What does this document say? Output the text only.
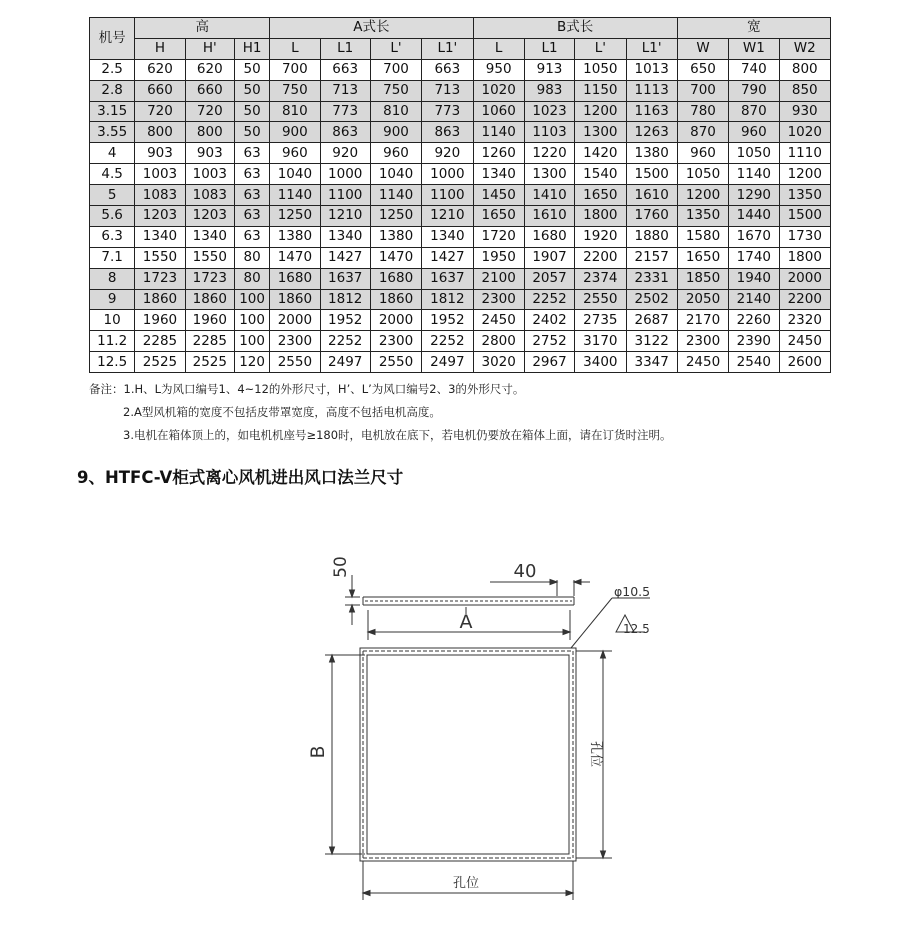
机号	高			A式长				B式长				宽		
	H	H'	H1	L	L1	L'	L1'	L	L1	L'	L1'	W	W1	W2
2.5	620	620	50	700	663	700	663	950	913	1050	1013	650	740	800
2.8	660	660	50	750	713	750	713	1020	983	1150	1113	700	790	850
3.15	720	720	50	810	773	810	773	1060	1023	1200	1163	780	870	930
3.55	800	800	50	900	863	900	863	1140	1103	1300	1263	870	960	1020
4	903	903	63	960	920	960	920	1260	1220	1420	1380	960	1050	1110
4.5	1003	1003	63	1040	1000	1040	1000	1340	1300	1540	1500	1050	1140	1200
5	1083	1083	63	1140	1100	1140	1100	1450	1410	1650	1610	1200	1290	1350
5.6	1203	1203	63	1250	1210	1250	1210	1650	1610	1800	1760	1350	1440	1500
6.3	1340	1340	63	1380	1340	1380	1340	1720	1680	1920	1880	1580	1670	1730
7.1	1550	1550	80	1470	1427	1470	1427	1950	1907	2200	2157	1650	1740	1800
8	1723	1723	80	1680	1637	1680	1637	2100	2057	2374	2331	1850	1940	2000
9	1860	1860	100	1860	1812	1860	1812	2300	2252	2550	2502	2050	2140	2200
10	1960	1960	100	2000	1952	2000	1952	2450	2402	2735	2687	2170	2260	2320
11.2	2285	2285	100	2300	2252	2300	2252	2800	2752	3170	3122	2300	2390	2450
12.5	2525	2525	120	2550	2497	2550	2497	3020	2967	3400	3347	2450	2540	2600
备注：1.H、L为风口编号1、4~12的外形尺寸，H’、L’为风口编号2、3的外形尺寸。
2.A型风机箱的宽度不包括皮带罩宽度，高度不包括电机高度。
3.电机在箱体顶上的，如电机机座号≥180时，电机放在底下，若电机仍要放在箱体上面，请在订货时注明。
9、HTFC-V柜式离心风机进出风口法兰尺寸
50	40
A
B
φ10.5
12.5
孔位
孔位
